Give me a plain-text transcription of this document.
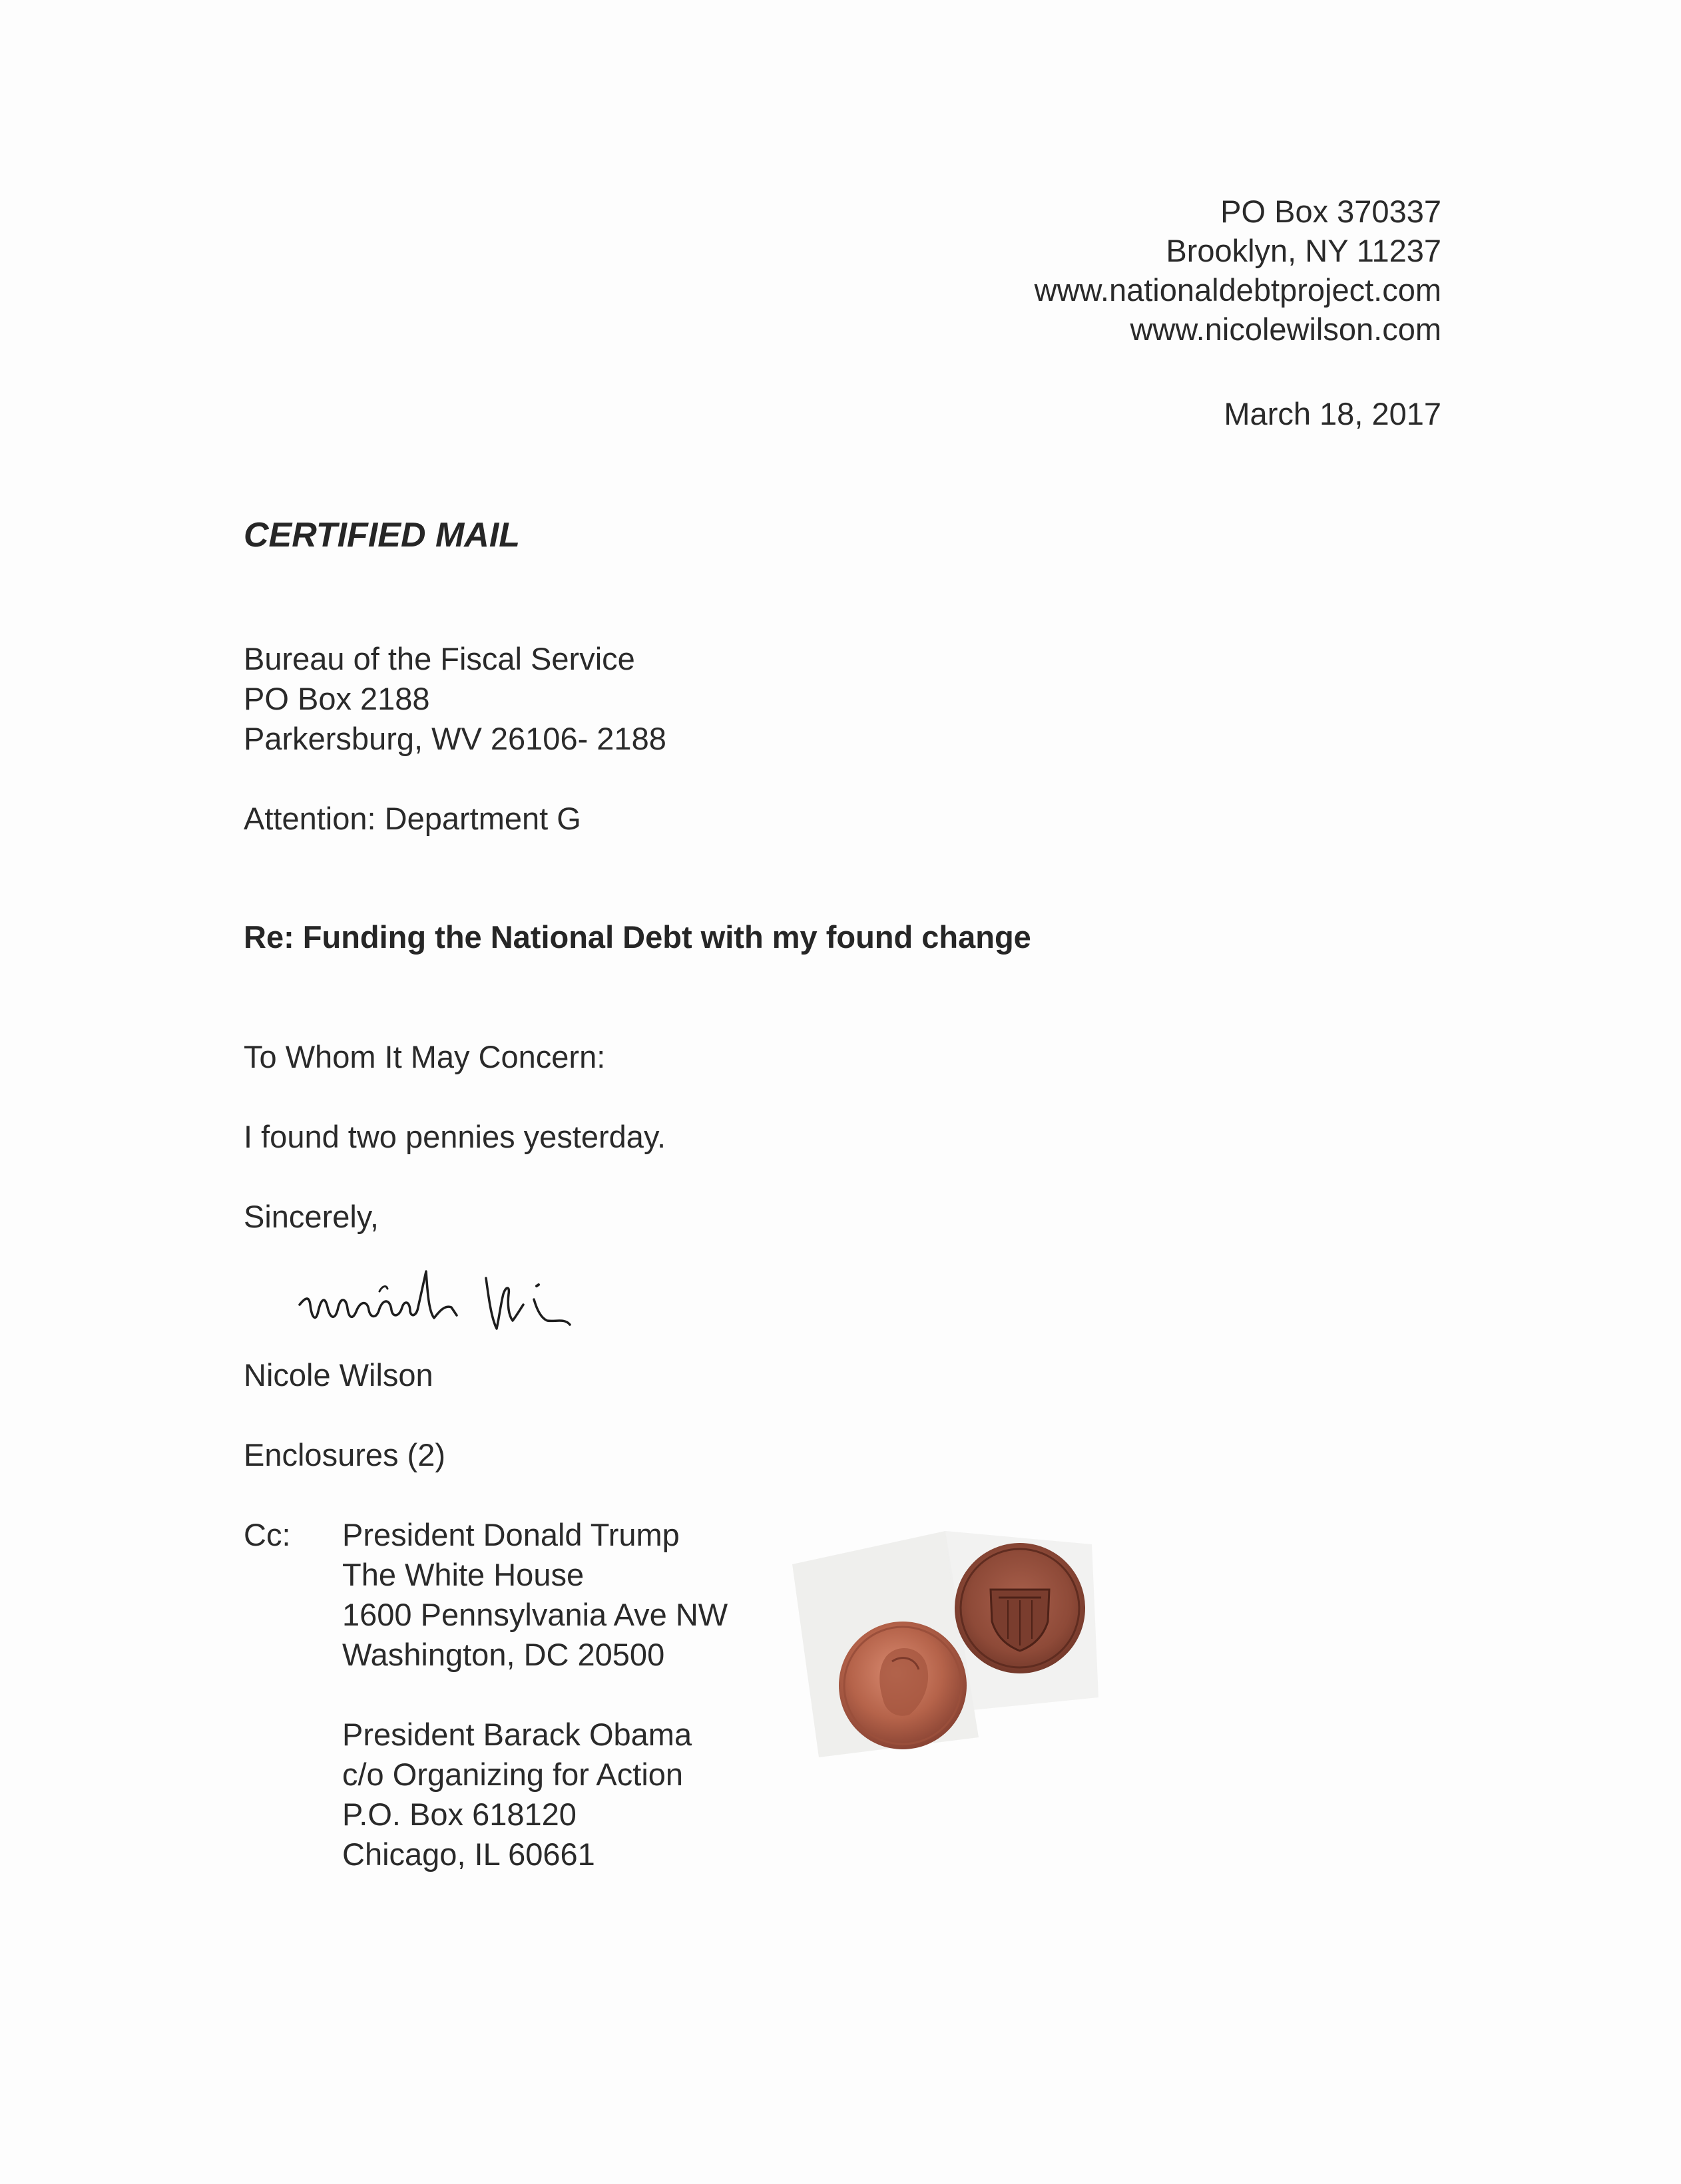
PO Box 370337
Brooklyn, NY 11237
www.nationaldebtproject.com
www.nicolewilson.com
March 18, 2017
CERTIFIED MAIL
Bureau of the Fiscal Service
PO Box 2188
Parkersburg, WV 26106- 2188
Attention: Department G
Re: Funding the National Debt with my found change
To Whom It May Concern:
I found two pennies yesterday.
Sincerely,
Nicole Wilson
Enclosures (2)
Cc: President Donald Trump
The White House
1600 Pennsylvania Ave NW
Washington, DC 20500
President Barack Obama
c/o Organizing for Action
P.O. Box 618120
Chicago, IL 60661
